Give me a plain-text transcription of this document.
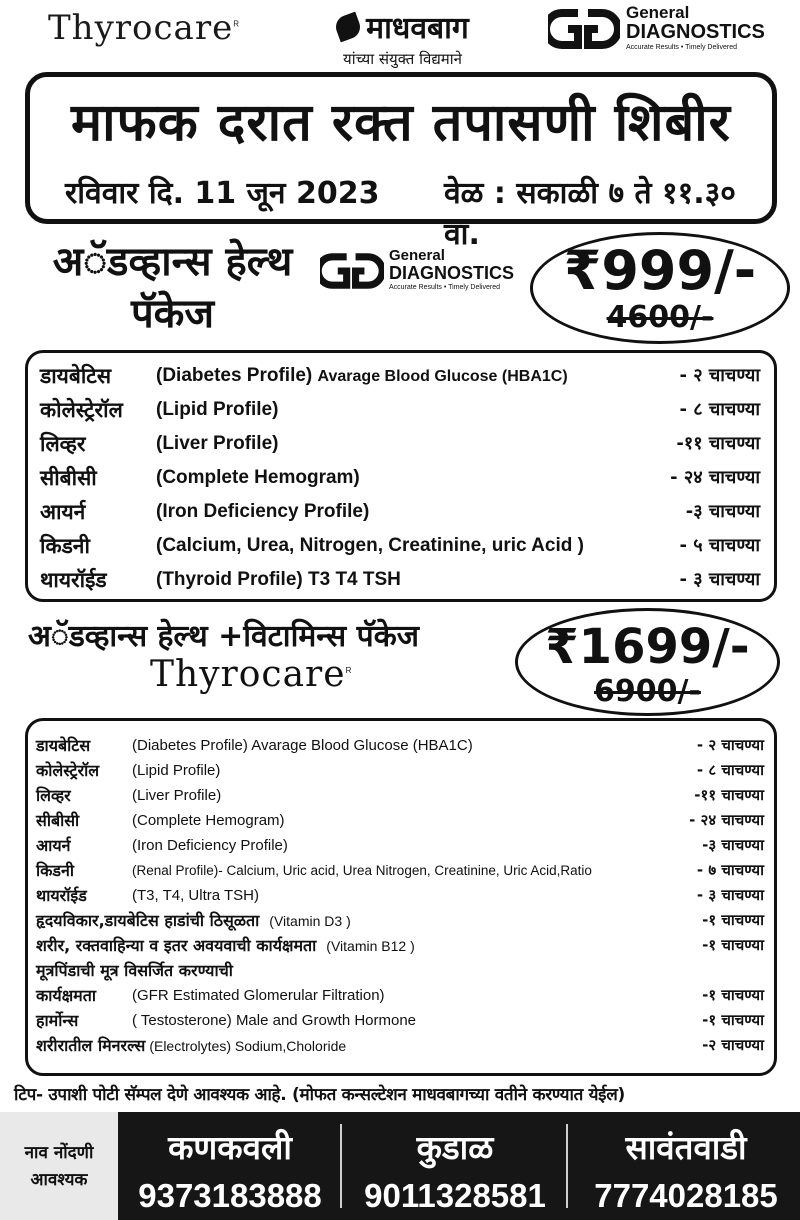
Thyrocare$^R$	माधवबाग
यांच्या संयुक्त विद्यमाने
General
DIAGNOSTICS
Accurate Results • Timely Delivered
माफक दरात रक्त तपासणी शिबीर
रविवार दि. 11 जून 2023 वेळ : सकाळी ७ ते ११.३० वा.
अॅडव्हान्स हेल्थ
पॅकेज
General
DIAGNOSTICS
Accurate Results • Timely Delivered	₹999/-
4600/-
डायबेटिस (Diabetes Profile) Avarage Blood Glucose (HBA1C)	- २ चाचण्या
कोलेस्ट्रेरॉल (Lipid Profile)	- ८ चाचण्या
लिव्हर	(Liver Profile)	-११ चाचण्या
सीबीसी	(Complete Hemogram)	- २४ चाचण्या
आयर्न	(Iron Deficiency Profile)	-३ चाचण्या
किडनी	(Calcium, Urea, Nitrogen, Creatinine, uric Acid )	- ५ चाचण्या
थायरॉईड	(Thyroid Profile) T3 T4 TSH	- ३ चाचण्या
अॅडव्हान्स हेल्थ +विटामिन्स पॅकेज
Thyrocare$^R$	₹1699/-
6900/-
डायबेटिस	(Diabetes Profile) Avarage Blood Glucose (HBA1C)	- २ चाचण्या
कोलेस्ट्रेरॉल (Lipid Profile)	- ८ चाचण्या
लिव्हर	(Liver Profile)	-११ चाचण्या
सीबीसी	(Complete Hemogram)	- २४ चाचण्या
आयर्न	(Iron Deficiency Profile)	-३ चाचण्या
किडनी	(Renal Profile)- Calcium, Uric acid, Urea Nitrogen, Creatinine, Uric Acid,Ratio	- ७ चाचण्या
थायरॉईड	(T3, T4, Ultra TSH)	- ३ चाचण्या
हृदयविकार,डायबेटिस हाडांची ठिसूळता (Vitamin D3 )	-१ चाचण्या
शरीर, रक्तवाहिन्या व इतर अवयवाची कार्यक्षमता (Vitamin B12 )	-१ चाचण्या
मूत्रपिंडाची मूत्र विसर्जित करण्याची
कार्यक्षमता (GFR Estimated Glomerular Filtration)	-१ चाचण्या
हार्मोन्स	( Testosterone) Male and Growth Hormone	-१ चाचण्या
शरीरातील मिनरल्स (Electrolytes) Sodium,Choloride	-२ चाचण्या
टिप- उपाशी पोटी सॅम्पल देणे आवश्यक आहे. (मोफत कन्सल्टेशन माधवबागच्या वतीने करण्यात येईल)
नाव नोंदणी
आवश्यक
कणकवली
9373183888
कुडाळ
9011328581
सावंतवाडी
7774028185
